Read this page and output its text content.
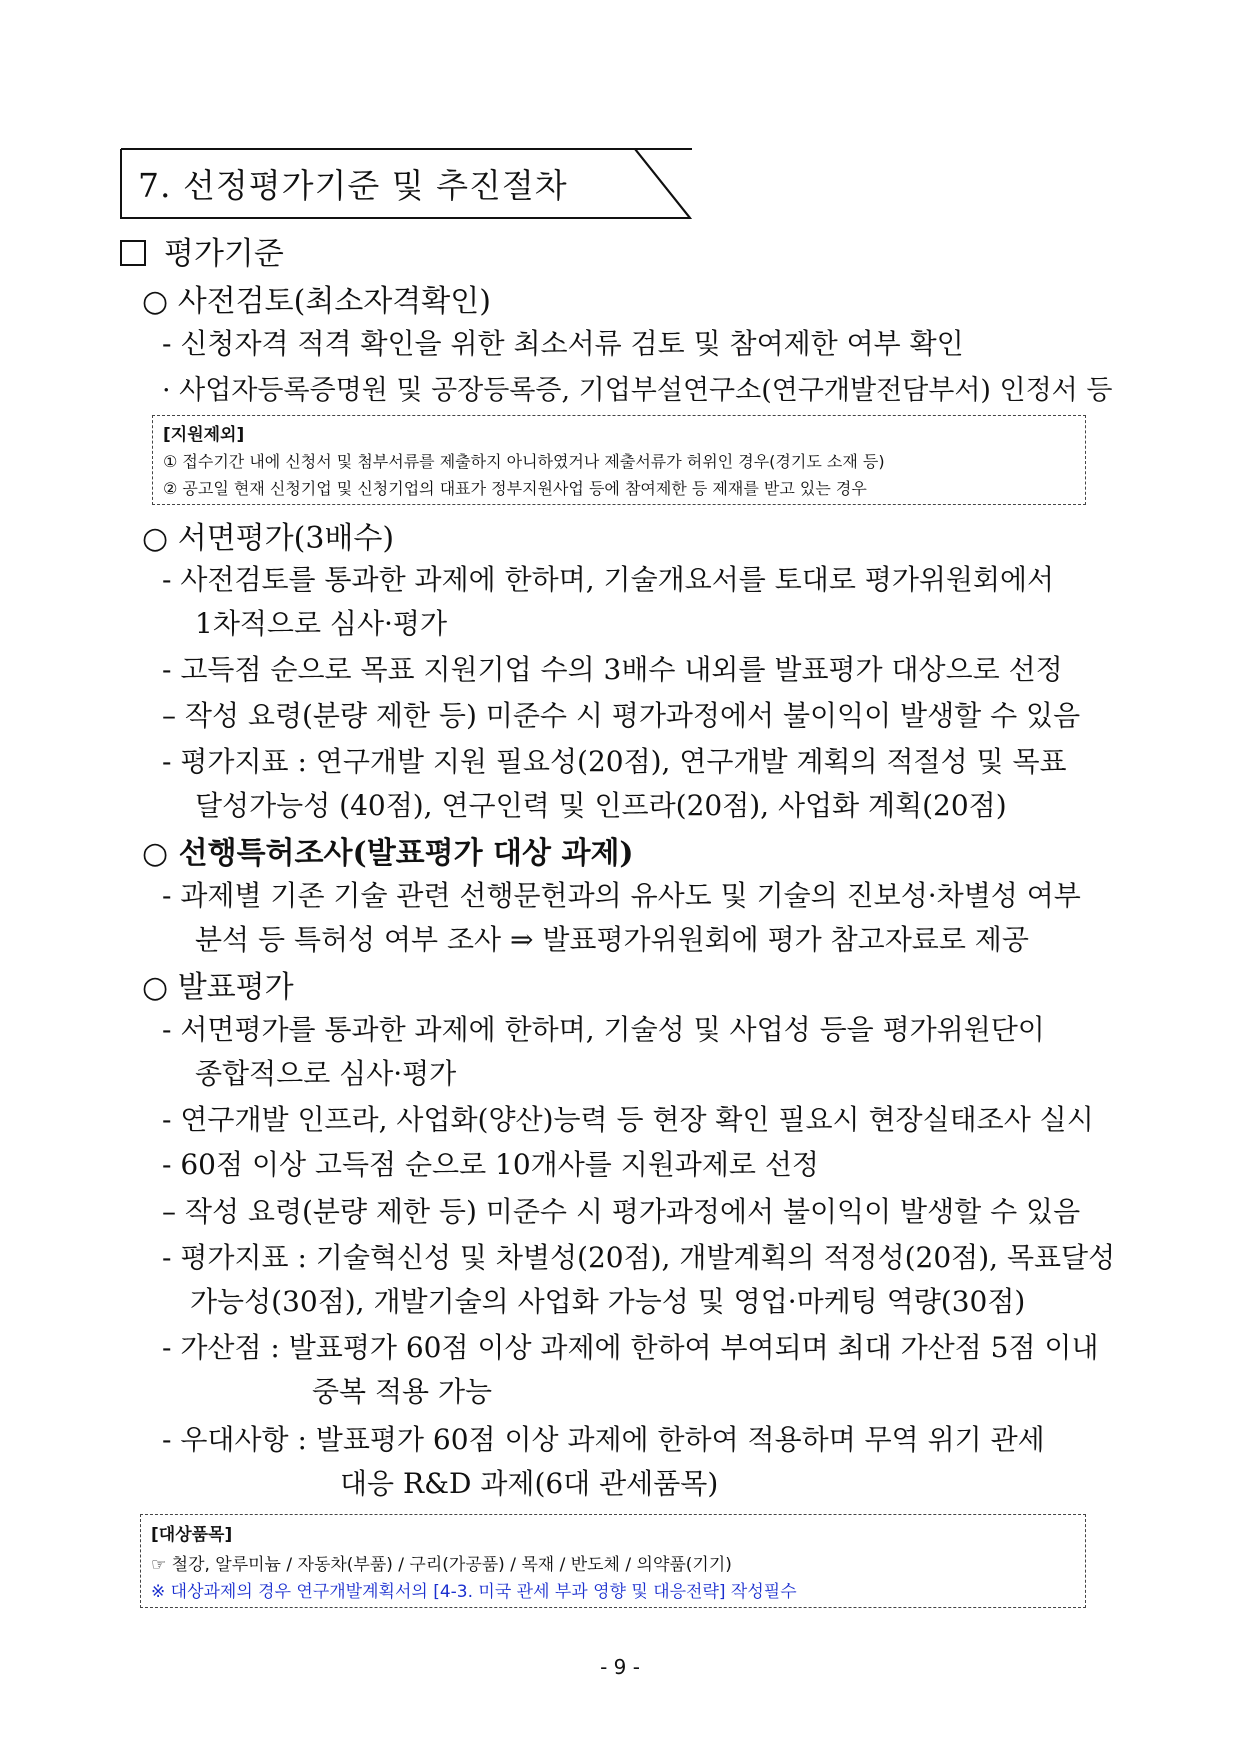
7. 선정평가기준 및 추진절차
평가기준
○ 사전검토(최소자격확인)
- 신청자격 적격 확인을 위한 최소서류 검토 및 참여제한 여부 확인
· 사업자등록증명원 및 공장등록증, 기업부설연구소(연구개발전담부서) 인정서 등
[지원제외]
① 접수기간 내에 신청서 및 첨부서류를 제출하지 아니하였거나 제출서류가 허위인 경우(경기도 소재 등)
② 공고일 현재 신청기업 및 신청기업의 대표가 정부지원사업 등에 참여제한 등 제재를 받고 있는 경우
○ 서면평가(3배수)
- 사전검토를 통과한 과제에 한하며, 기술개요서를 토대로 평가위원회에서
1차적으로 심사·평가
- 고득점 순으로 목표 지원기업 수의 3배수 내외를 발표평가 대상으로 선정
– 작성 요령(분량 제한 등) 미준수 시 평가과정에서 불이익이 발생할 수 있음
- 평가지표 : 연구개발 지원 필요성(20점), 연구개발 계획의 적절성 및 목표
달성가능성 (40점), 연구인력 및 인프라(20점), 사업화 계획(20점)
○ 선행특허조사(발표평가 대상 과제)
- 과제별 기존 기술 관련 선행문헌과의 유사도 및 기술의 진보성·차별성 여부
분석 등 특허성 여부 조사 ⇒ 발표평가위원회에 평가 참고자료로 제공
○ 발표평가
- 서면평가를 통과한 과제에 한하며, 기술성 및 사업성 등을 평가위원단이
종합적으로 심사·평가
- 연구개발 인프라, 사업화(양산)능력 등 현장 확인 필요시 현장실태조사 실시
- 60점 이상 고득점 순으로 10개사를 지원과제로 선정
– 작성 요령(분량 제한 등) 미준수 시 평가과정에서 불이익이 발생할 수 있음
- 평가지표 : 기술혁신성 및 차별성(20점), 개발계획의 적정성(20점), 목표달성
가능성(30점), 개발기술의 사업화 가능성 및 영업·마케팅 역량(30점)
- 가산점 : 발표평가 60점 이상 과제에 한하여 부여되며 최대 가산점 5점 이내
중복 적용 가능
- 우대사항 : 발표평가 60점 이상 과제에 한하여 적용하며 무역 위기 관세
대응 R&D 과제(6대 관세품목)
[대상품목]
☞ 철강, 알루미늄 / 자동차(부품) / 구리(가공품) / 목재 / 반도체 / 의약품(기기)
※ 대상과제의 경우 연구개발계획서의 [4-3. 미국 관세 부과 영향 및 대응전략] 작성필수
- 9 -
